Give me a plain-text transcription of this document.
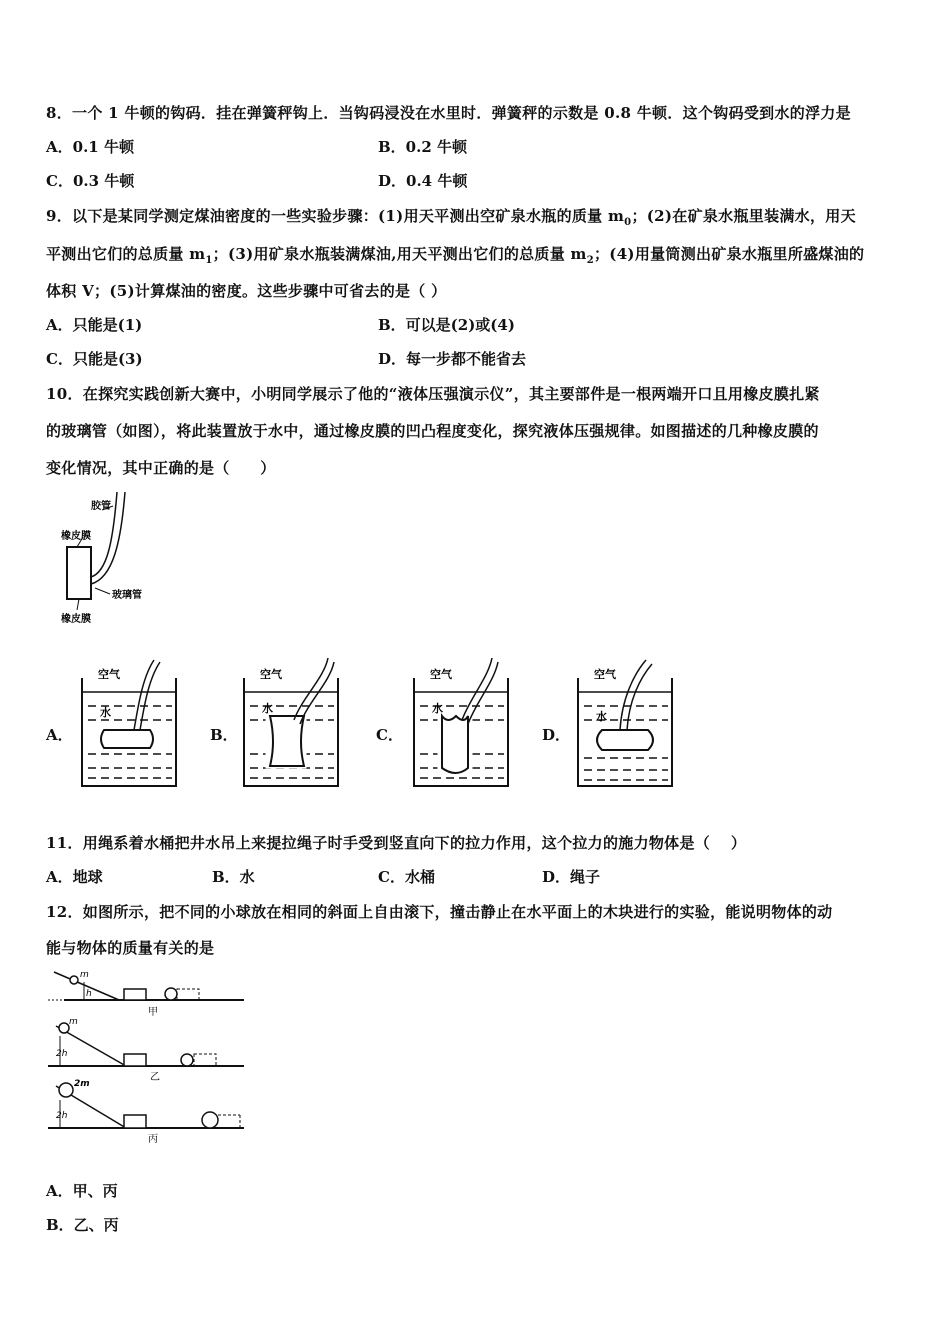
8．一个 1 牛顿的钩码．挂在弹簧秤钩上．当钩码浸没在水里时．弹簧秤的示数是 0.8 牛顿．这个钩码受到水的浮力是
A．0.1 牛顿	B．0.2 牛顿
C．0.3 牛顿	D．0.4 牛顿
9．以下是某同学测定煤油密度的一些实验步骤：(1)用天平测出空矿泉水瓶的质量 $m_0$；(2)在矿泉水瓶里装满水，用天
平测出它们的总质量 $m_1$；(3)用矿泉水瓶装满煤油,用天平测出它们的总质量 $m_2$；(4)用量筒测出矿泉水瓶里所盛煤油的
体积 V；(5)计算煤油的密度。这些步骤中可省去的是（ ）
A．只能是(1)	B．可以是(2)或(4)
C．只能是(3)	D．每一步都不能省去
10．在探究实践创新大赛中，小明同学展示了他的“液体压强演示仪”，其主要部件是一根两端开口且用橡皮膜扎紧
的玻璃管（如图），将此装置放于水中，通过橡皮膜的凹凸程度变化，探究液体压强规律。如图描述的几种橡皮膜的
变化情况，其中正确的是（　　）
胶管
橡皮膜
玻璃管
橡皮膜
A．
空气
水
B．
空气
水
C．
空气
水
D．
空气
水
11．用绳系着水桶把井水吊上来提拉绳子时手受到竖直向下的拉力作用，这个拉力的施力物体是（　 ）
A．地球	B．水	C．水桶	D．绳子
12．如图所示，把不同的小球放在相同的斜面上自由滚下，撞击静止在水平面上的木块进行的实验，能说明物体的动
能与物体的质量有关的是
m
h
甲
m
2h
乙
2m
2h
丙
A．甲、丙
B．乙、丙
